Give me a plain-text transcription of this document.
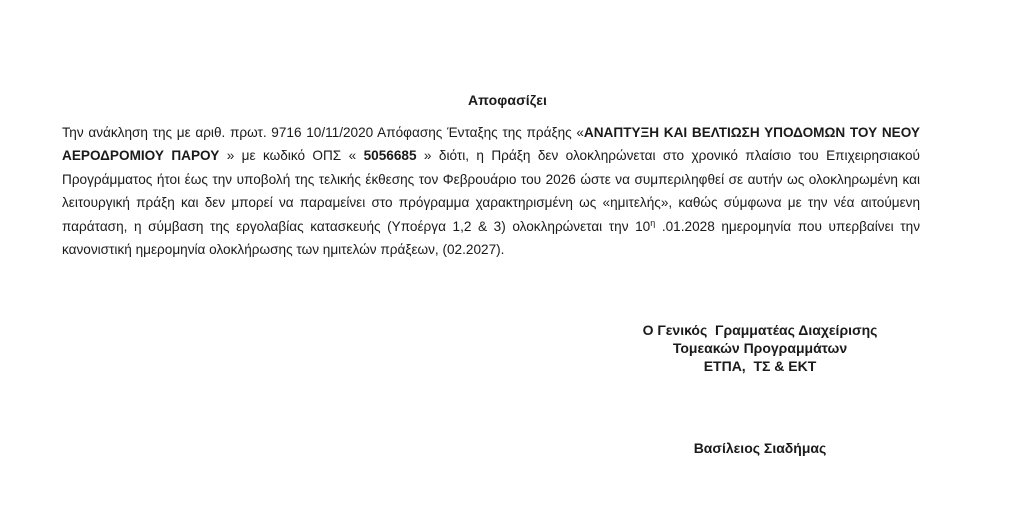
Αποφασίζει

Την ανάκληση της με αριθ. πρωτ. 9716 10/11/2020 Απόφασης Ένταξης της πράξης «ΑΝΑΠΤΥΞΗ ΚΑΙ ΒΕΛΤΙΩΣΗ ΥΠΟΔΟΜΩΝ ΤΟΥ ΝΕΟΥ ΑΕΡΟΔΡΟΜΙΟΥ ΠΑΡΟΥ » με κωδικό ΟΠΣ « 5056685 » διότι, η Πράξη δεν ολοκληρώνεται στο χρονικό πλαίσιο του Επιχειρησιακού Προγράμματος ήτοι έως την υποβολή της τελικής έκθεσης τον Φεβρουάριο του 2026 ώστε να συμπεριληφθεί σε αυτήν ως ολοκληρωμένη και λειτουργική πράξη και δεν μπορεί να παραμείνει στο πρόγραμμα χαρακτηρισμένη ως «ημιτελής», καθώς σύμφωνα με την νέα αιτούμενη παράταση, η σύμβαση της εργολαβίας κατασκευής (Υποέργα 1,2 & 3) ολοκληρώνεται την $10^\eta$ .01.2028 ημερομηνία που υπερβαίνει την κανονιστική ημερομηνία ολοκλήρωσης των ημιτελών πράξεων, (02.2027).

Ο Γενικός  Γραμματέας Διαχείρισης
Τομεακών Προγραμμάτων
ΕΤΠΑ,  ΤΣ & ΕΚΤ
Βασίλειος Σιαδήμας
